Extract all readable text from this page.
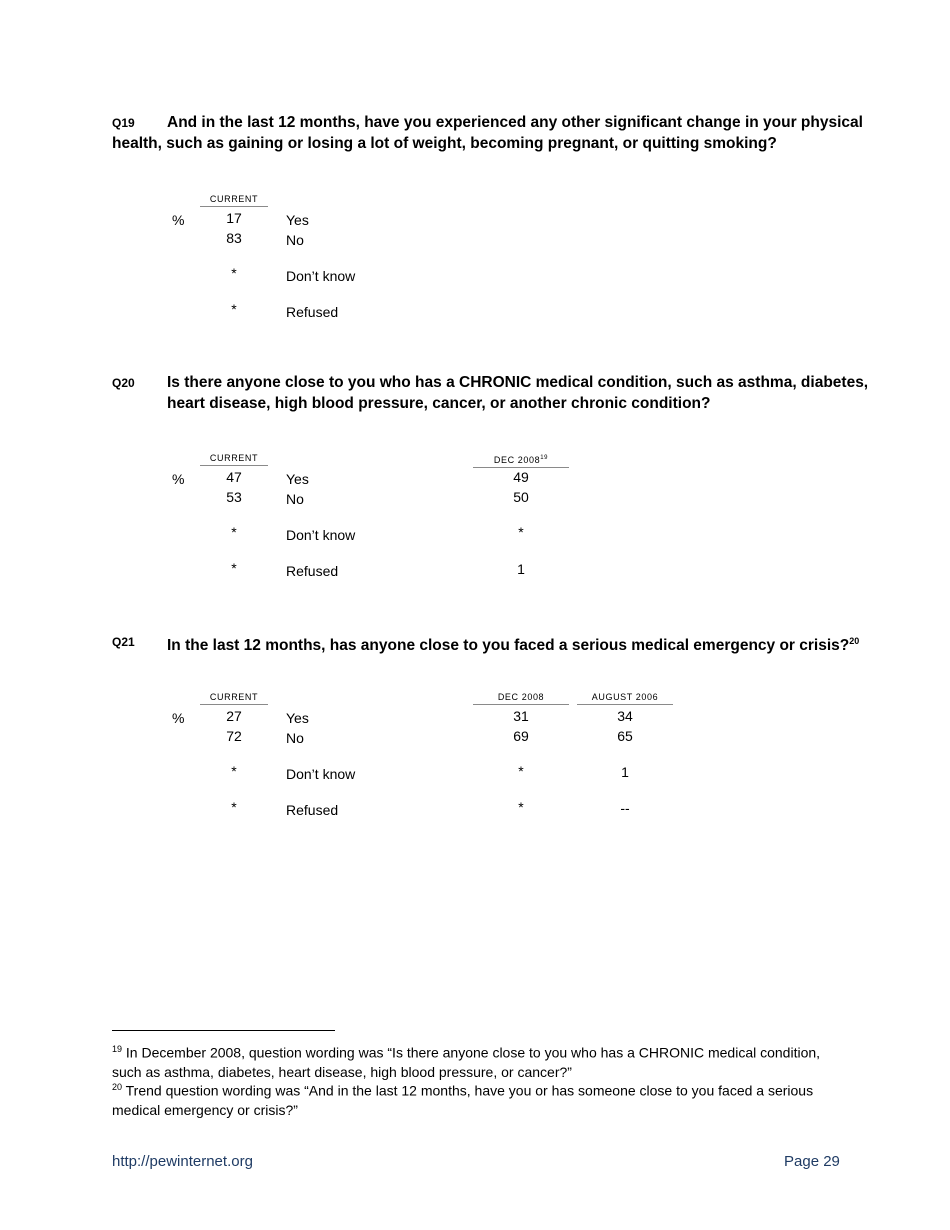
Q19 And in the last 12 months, have you experienced any other significant change in your physical
health, such as gaining or losing a lot of weight, becoming pregnant, or quitting smoking?
CURRENT
%	17	Yes
83	No
*	Don’t know
*	Refused
Q20 Is there anyone close to you who has a CHRONIC medical condition, such as asthma, diabetes,
heart disease, high blood pressure, cancer, or another chronic condition?
CURRENT	DEC 2008$^{19}$
%	47	Yes	49
53	No	50
*	Don’t know	*
*	Refused	1
Q21 In the last 12 months, has anyone close to you faced a serious medical emergency or crisis?$^{20}$
CURRENT	DEC 2008	AUGUST 2006
%	27	Yes	31	34
72	No	69	65
*	Don’t know	*	1
*	Refused	*	--
$^{19}$ In December 2008, question wording was “Is there anyone close to you who has a CHRONIC medical condition,
such as asthma, diabetes, heart disease, high blood pressure, or cancer?”
$^{20}$ Trend question wording was “And in the last 12 months, have you or has someone close to you faced a serious
medical emergency or crisis?”
http://pewinternet.org	Page 29
